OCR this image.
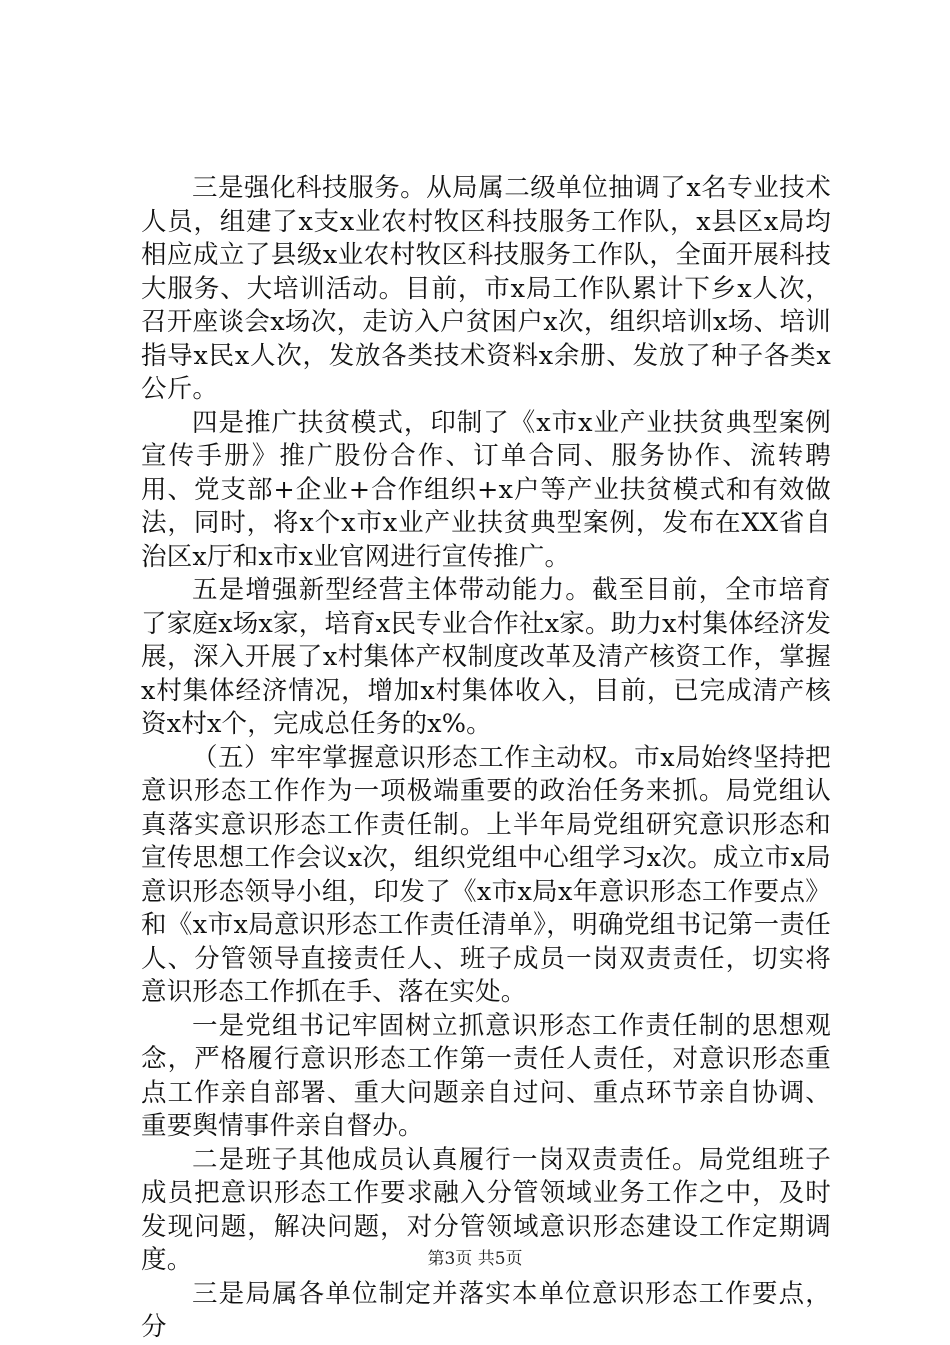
三是强化科技服务。从局属二级单位抽调了x名专业技术人员，组建了x支x业农村牧区科技服务工作队，x县区x局均相应成立了县级x业农村牧区科技服务工作队，全面开展科技大服务、大培训活动。目前，市x局工作队累计下乡x人次，召开座谈会x场次，走访入户贫困户x次，组织培训x场、培训指导x民x人次，发放各类技术资料x余册、发放了种子各类x公斤。

四是推广扶贫模式，印制了《x市x业产业扶贫典型案例宣传手册》推广股份合作、订单合同、服务协作、流转聘用、党支部+企业+合作组织+x户等产业扶贫模式和有效做法，同时，将x个x市x业产业扶贫典型案例，发布在XX省自治区x厅和x市x业官网进行宣传推广。

五是增强新型经营主体带动能力。截至目前，全市培育了家庭x场x家，培育x民专业合作社x家。助力x村集体经济发展，深入开展了x村集体产权制度改革及清产核资工作，掌握x村集体经济情况，增加x村集体收入，目前，已完成清产核资x村x个，完成总任务的x%。

（五）牢牢掌握意识形态工作主动权。市x局始终坚持把意识形态工作作为一项极端重要的政治任务来抓。局党组认真落实意识形态工作责任制。上半年局党组研究意识形态和宣传思想工作会议x次，组织党组中心组学习x次。成立市x局意识形态领导小组，印发了《x市x局x年意识形态工作要点》和《x市x局意识形态工作责任清单》，明确党组书记第一责任人、分管领导直接责任人、班子成员一岗双责责任，切实将意识形态工作抓在手、落在实处。

一是党组书记牢固树立抓意识形态工作责任制的思想观念，严格履行意识形态工作第一责任人责任，对意识形态重点工作亲自部署、重大问题亲自过问、重点环节亲自协调、重要舆情事件亲自督办。

二是班子其他成员认真履行一岗双责责任。局党组班子成员把意识形态工作要求融入分管领域业务工作之中，及时发现问题，解决问题，对分管领域意识形态建设工作定期调度。

三是局属各单位制定并落实本单位意识形态工作要点，分

第3页 共5页
